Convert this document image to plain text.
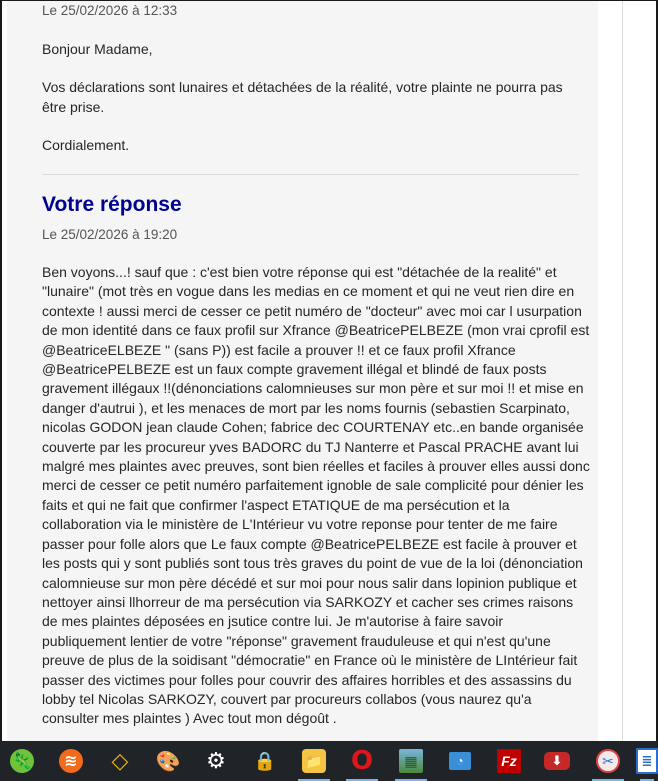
Le 25/02/2026 à 12:33
Bonjour Madame,
Vos déclarations sont lunaires et détachées de la réalité, votre plainte ne pourra pas être prise.
Cordialement.
Votre réponse
Le 25/02/2026 à 19:20
Ben voyons...! sauf que : c'est bien votre réponse qui est "détachée de la realité" et "lunaire" (mot très en vogue dans les medias en ce moment et qui ne veut rien dire en contexte ! aussi merci de cesser ce petit numéro de "docteur" avec moi car l usurpation de mon identité dans ce faux profil sur Xfrance @BeatricePELBEZE (mon vrai cprofil est @BeatriceELBEZE " (sans P)) est facile a prouver !! et ce faux profil Xfrance @BeatricePELBEZE est un faux compte gravement illégal et blindé de faux posts gravement illégaux !!(dénonciations calomnieuses sur mon père et sur moi !! et mise en danger d'autrui ), et les menaces de mort par les noms fournis (sebastien Scarpinato, nicolas GODON jean claude Cohen; fabrice dec COURTENAY etc..en bande organisée couverte par les procureur yves BADORC du TJ Nanterre et Pascal PRACHE avant lui malgré mes plaintes avec preuves, sont bien réelles et faciles à prouver elles aussi donc merci de cesser ce petit numéro parfaitement ignoble de sale complicité pour dénier les faits et qui ne fait que confirmer l'aspect ETATIQUE de ma persécution et la collaboration via le ministère de L'Intérieur vu votre reponse pour tenter de me faire passer pour folle alors que Le faux compte @BeatricePELBEZE est facile à prouver et les posts qui y sont publiés sont tous très graves du point de vue de la loi (dénonciation calomnieuse sur mon père décédé et sur moi pour nous salir dans lopinion publique et nettoyer ainsi llhorreur de ma persécution via SARKOZY et cacher ses crimes raisons de mes plaintes déposées en jsutice contre lui. Je m'autorise à faire savoir publiquement lentier de votre "réponse" gravement frauduleuse et qui n'est qu'une preuve de plus de la soidisant "démocratie" en France où le ministère de LIntérieur fait passer des victimes pour folles pour couvrir des affaires horribles et des assassins du lobby tel Nicolas SARKOZY, couvert par procureurs collabos (vous naurez qu'a consulter mes plaintes ) Avec tout mon dégoût .
🦎	≋ ◇ 🎨 ⚙ 🔒 📁 O	▦	◔	Fz	⬇	✂	≣
